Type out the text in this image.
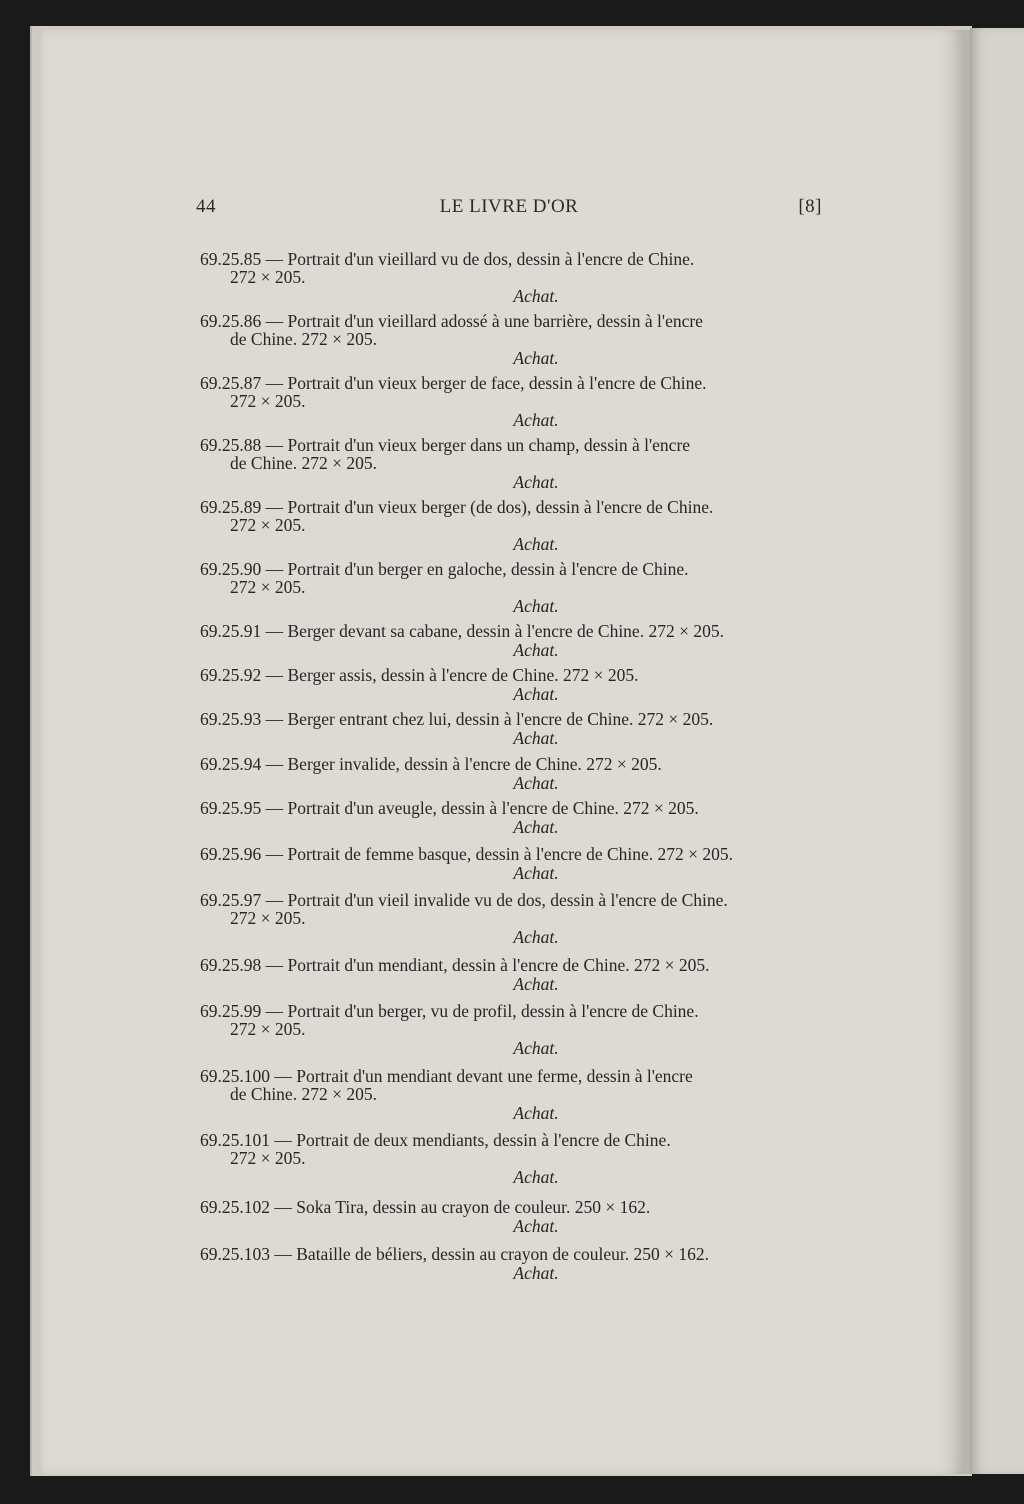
44	LE LIVRE D'OR	[8]
69.25.85 — Portrait d'un vieillard vu de dos, dessin à l'encre de Chine.
272 × 205.
Achat.
69.25.86 — Portrait d'un vieillard adossé à une barrière, dessin à l'encre
de Chine. 272 × 205.
Achat.
69.25.87 — Portrait d'un vieux berger de face, dessin à l'encre de Chine.
272 × 205.
Achat.
69.25.88 — Portrait d'un vieux berger dans un champ, dessin à l'encre
de Chine. 272 × 205.
Achat.
69.25.89 — Portrait d'un vieux berger (de dos), dessin à l'encre de Chine.
272 × 205.
Achat.
69.25.90 — Portrait d'un berger en galoche, dessin à l'encre de Chine.
272 × 205.
Achat.
69.25.91 — Berger devant sa cabane, dessin à l'encre de Chine. 272 × 205.
Achat.
69.25.92 — Berger assis, dessin à l'encre de Chine. 272 × 205.
Achat.
69.25.93 — Berger entrant chez lui, dessin à l'encre de Chine. 272 × 205.
Achat.
69.25.94 — Berger invalide, dessin à l'encre de Chine. 272 × 205.
Achat.
69.25.95 — Portrait d'un aveugle, dessin à l'encre de Chine. 272 × 205.
Achat.
69.25.96 — Portrait de femme basque, dessin à l'encre de Chine. 272 × 205.
Achat.
69.25.97 — Portrait d'un vieil invalide vu de dos, dessin à l'encre de Chine.
272 × 205.
Achat.
69.25.98 — Portrait d'un mendiant, dessin à l'encre de Chine. 272 × 205.
Achat.
69.25.99 — Portrait d'un berger, vu de profil, dessin à l'encre de Chine.
272 × 205.
Achat.
69.25.100 — Portrait d'un mendiant devant une ferme, dessin à l'encre
de Chine. 272 × 205.
Achat.
69.25.101 — Portrait de deux mendiants, dessin à l'encre de Chine.
272 × 205.
Achat.
69.25.102 — Soka Tira, dessin au crayon de couleur. 250 × 162.
Achat.
69.25.103 — Bataille de béliers, dessin au crayon de couleur. 250 × 162.
Achat.
